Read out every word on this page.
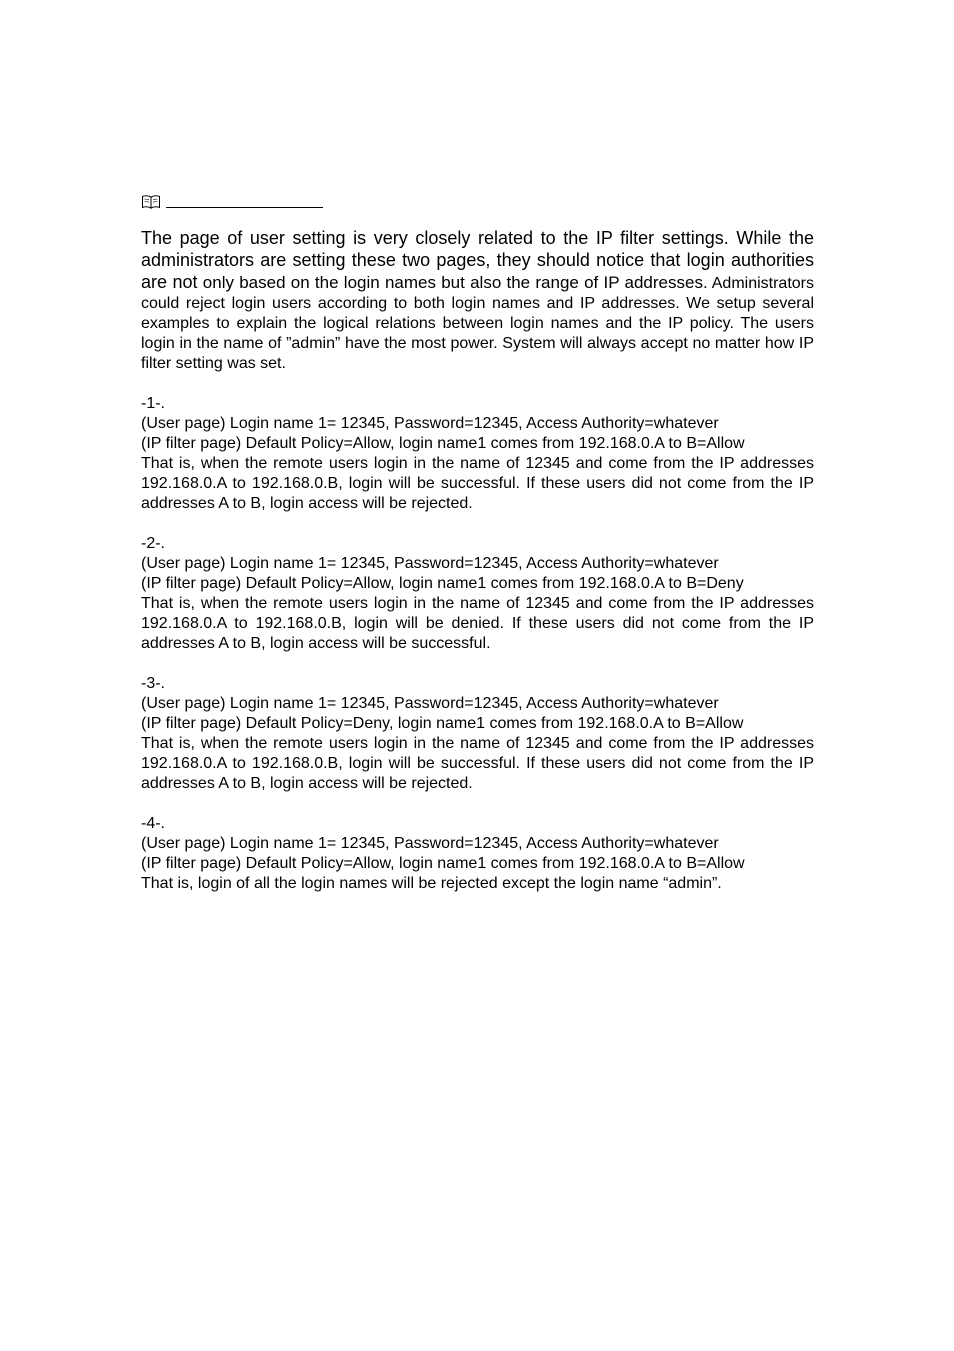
The page of user setting is very closely related to the IP filter settings. While the administrators are setting these two pages, they should notice that login authorities are not only based on the login names but also the range of IP addresses. Administrators could reject login users according to both login names and IP addresses. We setup several examples to explain the logical relations between login names and the IP policy. The users login in the name of ”admin” have the most power. System will always accept no matter how IP filter setting was set.

-1-.
(User page) Login name 1= 12345, Password=12345, Access Authority=whatever
(IP filter page) Default Policy=Allow, login name1 comes from 192.168.0.A to B=Allow

That is, when the remote users login in the name of 12345 and come from the IP addresses 192.168.0.A to 192.168.0.B, login will be successful. If these users did not come from the IP addresses A to B, login access will be rejected.

-2-.
(User page) Login name 1= 12345, Password=12345, Access Authority=whatever
(IP filter page) Default Policy=Allow, login name1 comes from 192.168.0.A to B=Deny

That is, when the remote users login in the name of 12345 and come from the IP addresses 192.168.0.A to 192.168.0.B, login will be denied. If these users did not come from the IP addresses A to B, login access will be successful.

-3-.
(User page) Login name 1= 12345, Password=12345, Access Authority=whatever
(IP filter page) Default Policy=Deny, login name1 comes from 192.168.0.A to B=Allow

That is, when the remote users login in the name of 12345 and come from the IP addresses 192.168.0.A to 192.168.0.B, login will be successful. If these users did not come from the IP addresses A to B, login access will be rejected.

-4-.
(User page) Login name 1= 12345, Password=12345, Access Authority=whatever
(IP filter page) Default Policy=Allow, login name1 comes from 192.168.0.A to B=Allow

That is, login of all the login names will be rejected except the login name “admin”.
